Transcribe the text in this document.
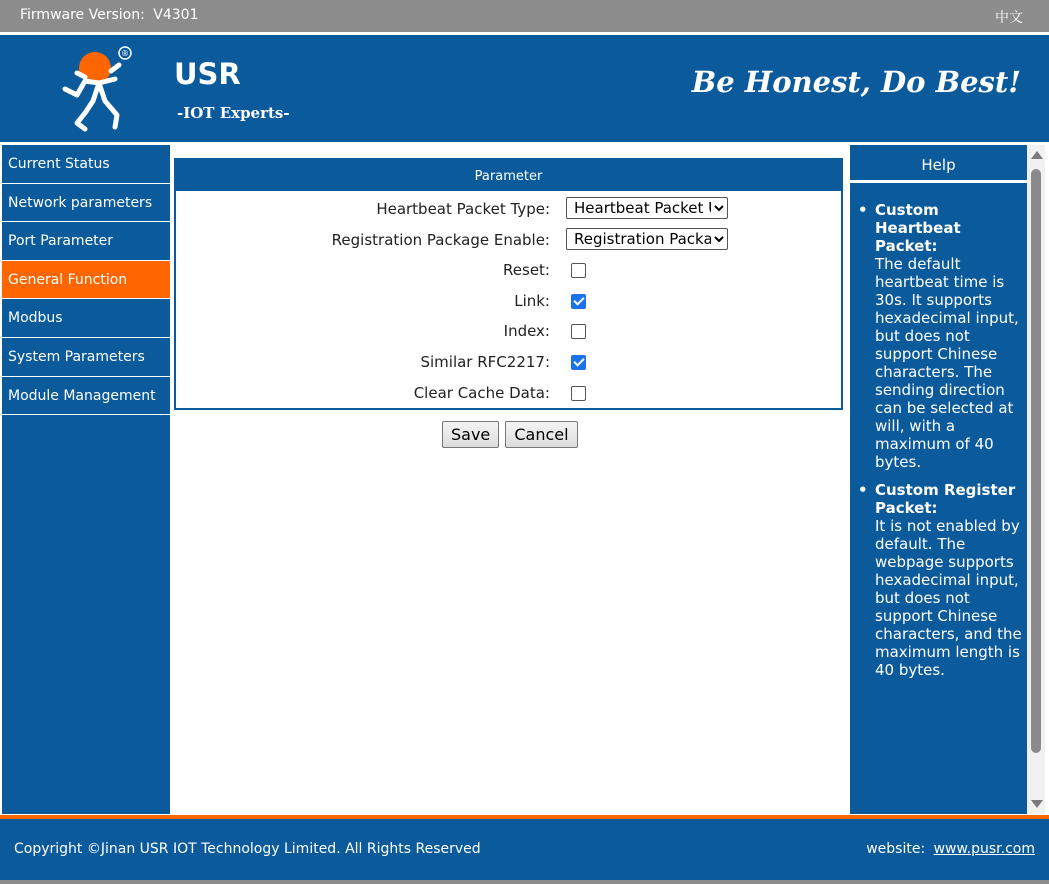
Firmware Version: V4301	中文
®
USR
-IOT Experts-
Be Honest, Do Best!
Current Status
Network parameters
Port Parameter
General Function
Modbus
System Parameters
Module Management
Parameter
Heartbeat Packet Type:
Heartbeat Packet User
Registration Package Enable:
Registration Package
Reset:
Link:
Index:
Similar RFC2217:
Clear Cache Data:
Save Cancel
Help
• Custom Heartbeat Packet:
The default heartbeat time is 30s. It supports hexadecimal input, but does not support Chinese characters. The sending direction can be selected at will, with a maximum of 40 bytes.
• Custom Register Packet:
It is not enabled by default. The webpage supports hexadecimal input, but does not support Chinese characters, and the maximum length is 40 bytes.
Copyright ©Jinan USR IOT Technology Limited. All Rights Reserved	website: www.pusr.com
